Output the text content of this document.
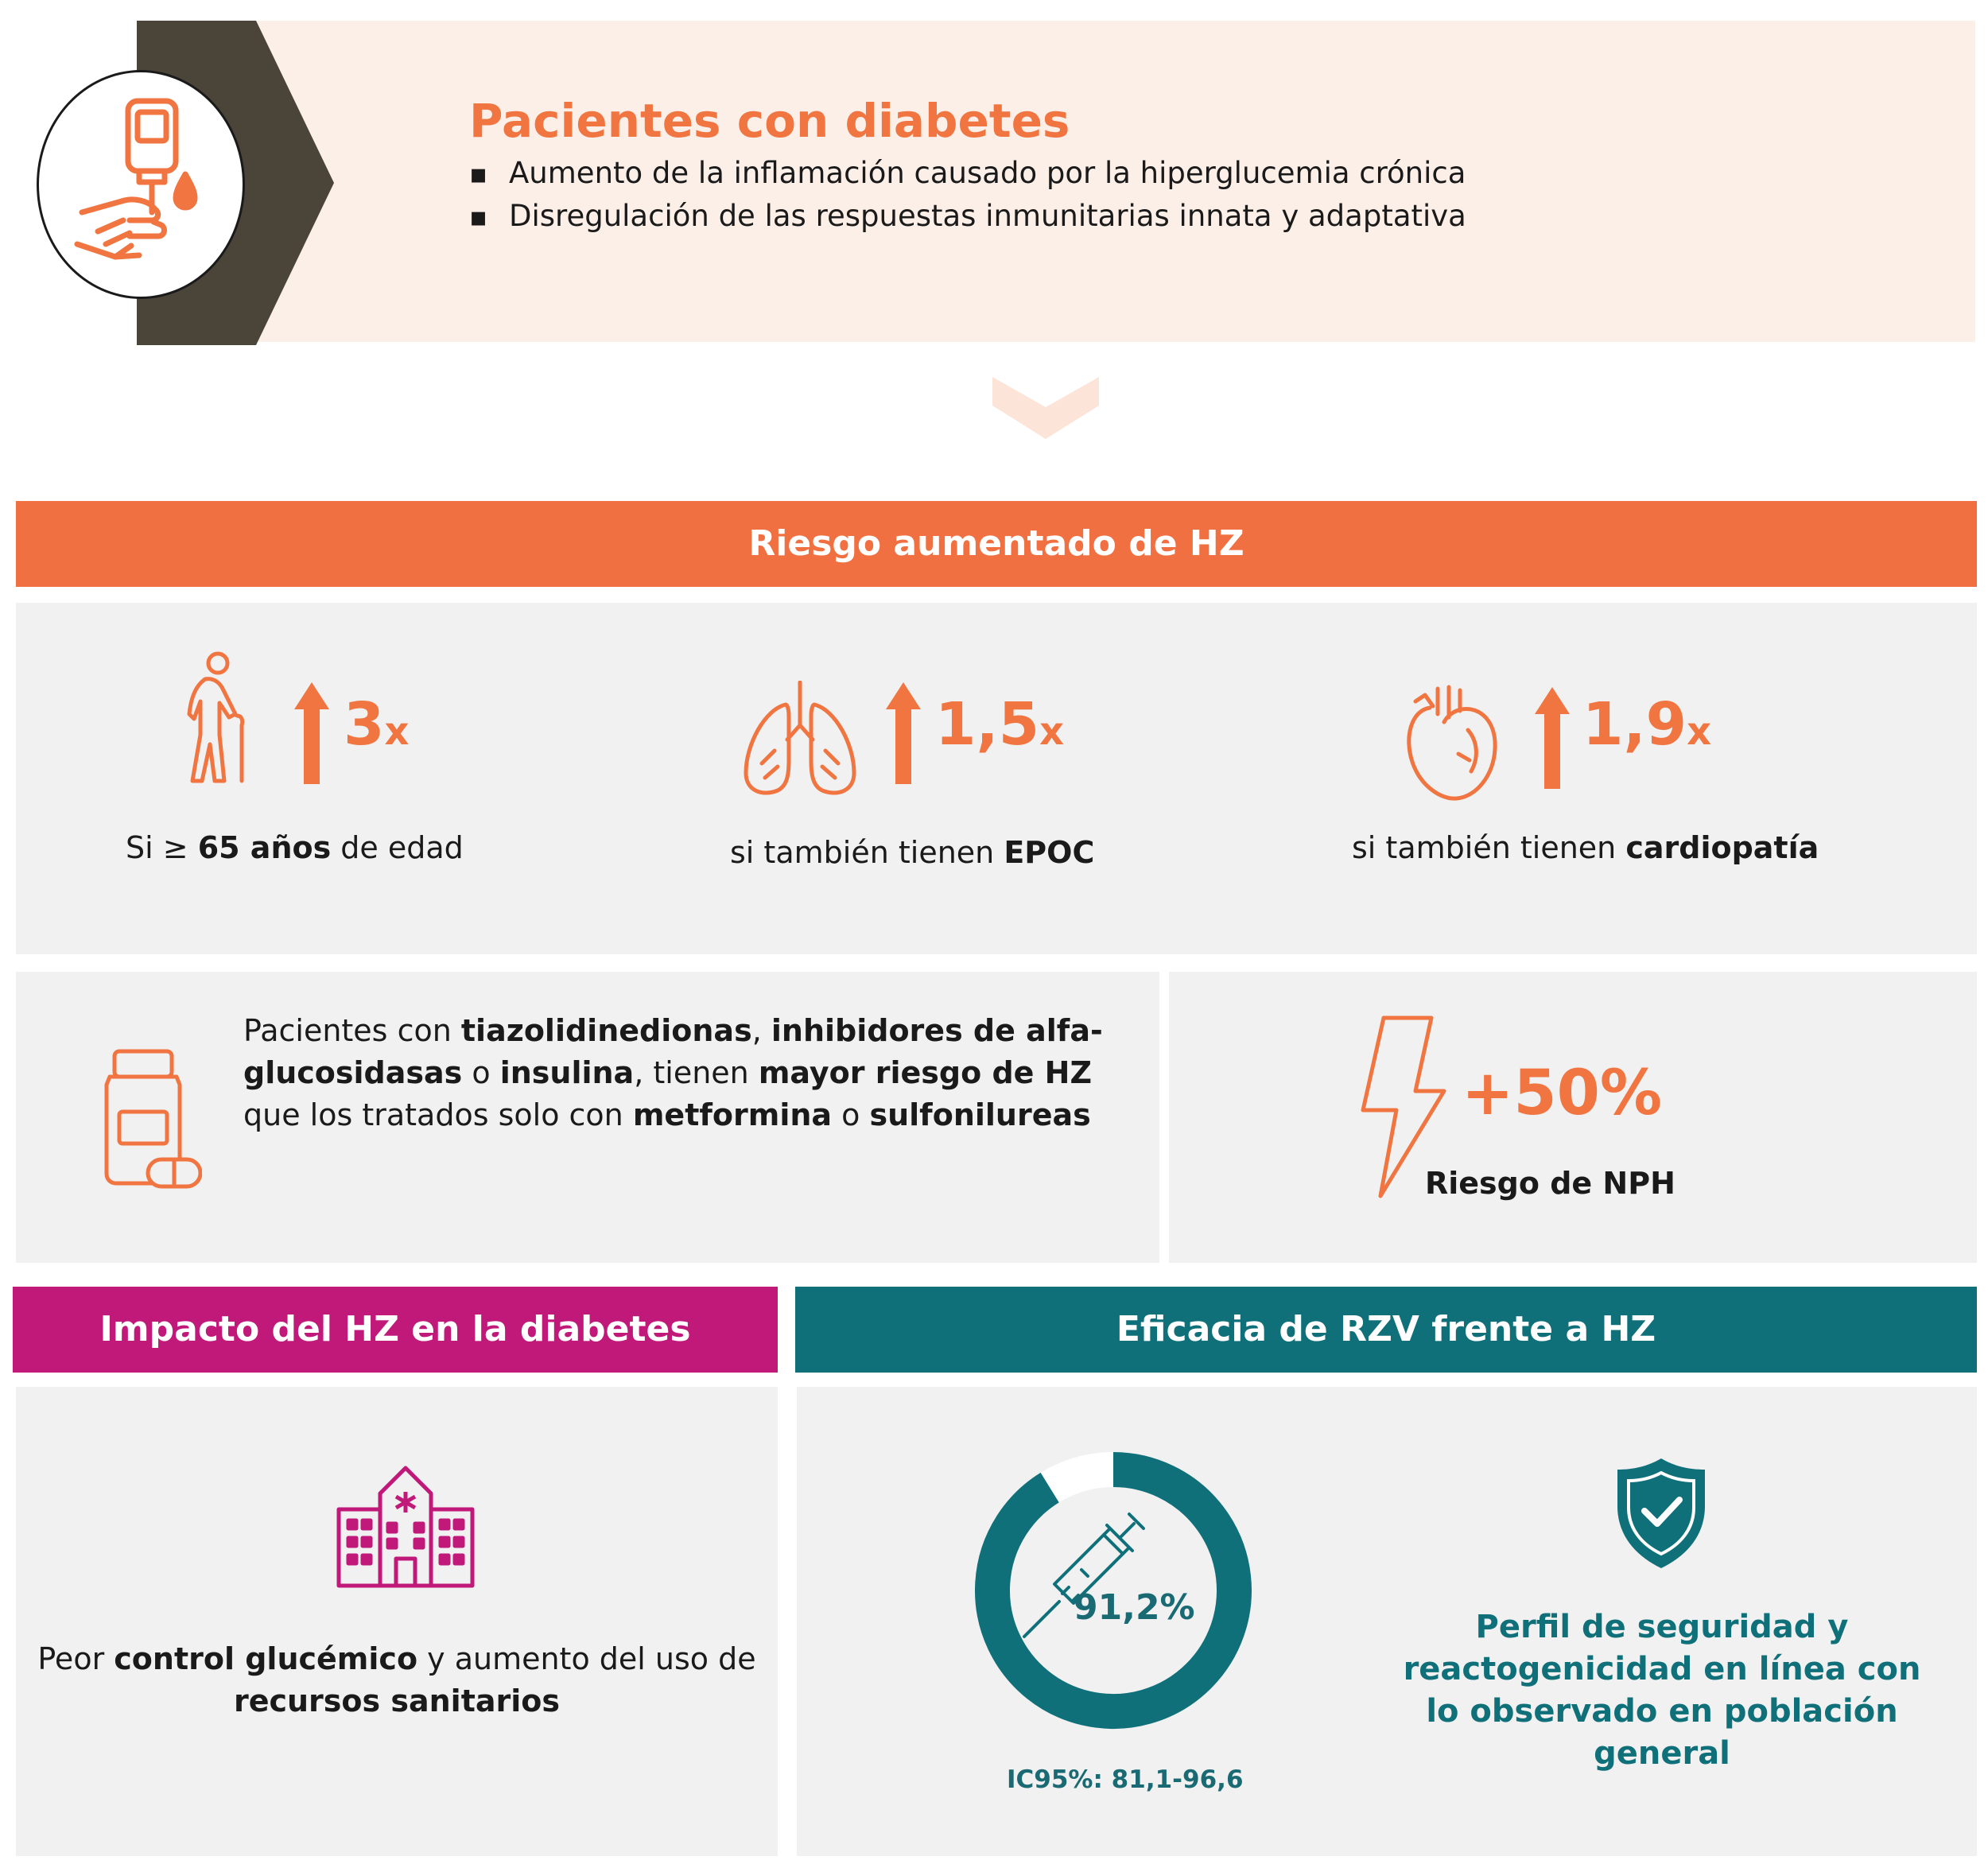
Pacientes con diabetes
▪ Aumento de la inflamación causado por la hiperglucemia crónica
▪ Disregulación de las respuestas inmunitarias innata y adaptativa
Riesgo aumentado de HZ
3x
Si ≥ 65 años de edad
1,5x
si también tienen EPOC
1,9x
si también tienen cardiopatía
Pacientes con tiazolidinedionas, inhibidores de alfa-glucosidasas o insulina, tienen mayor riesgo de HZ que los tratados solo con metformina o sulfonilureas	+50%
Riesgo de NPH
Impacto del HZ en la diabetes
Peor control glucémico y aumento del uso de recursos sanitarios
Eficacia de RZV frente a HZ
91,2%
IC95%: 81,1-96,6
Perfil de seguridad y reactogenicidad en línea con lo observado en población general
